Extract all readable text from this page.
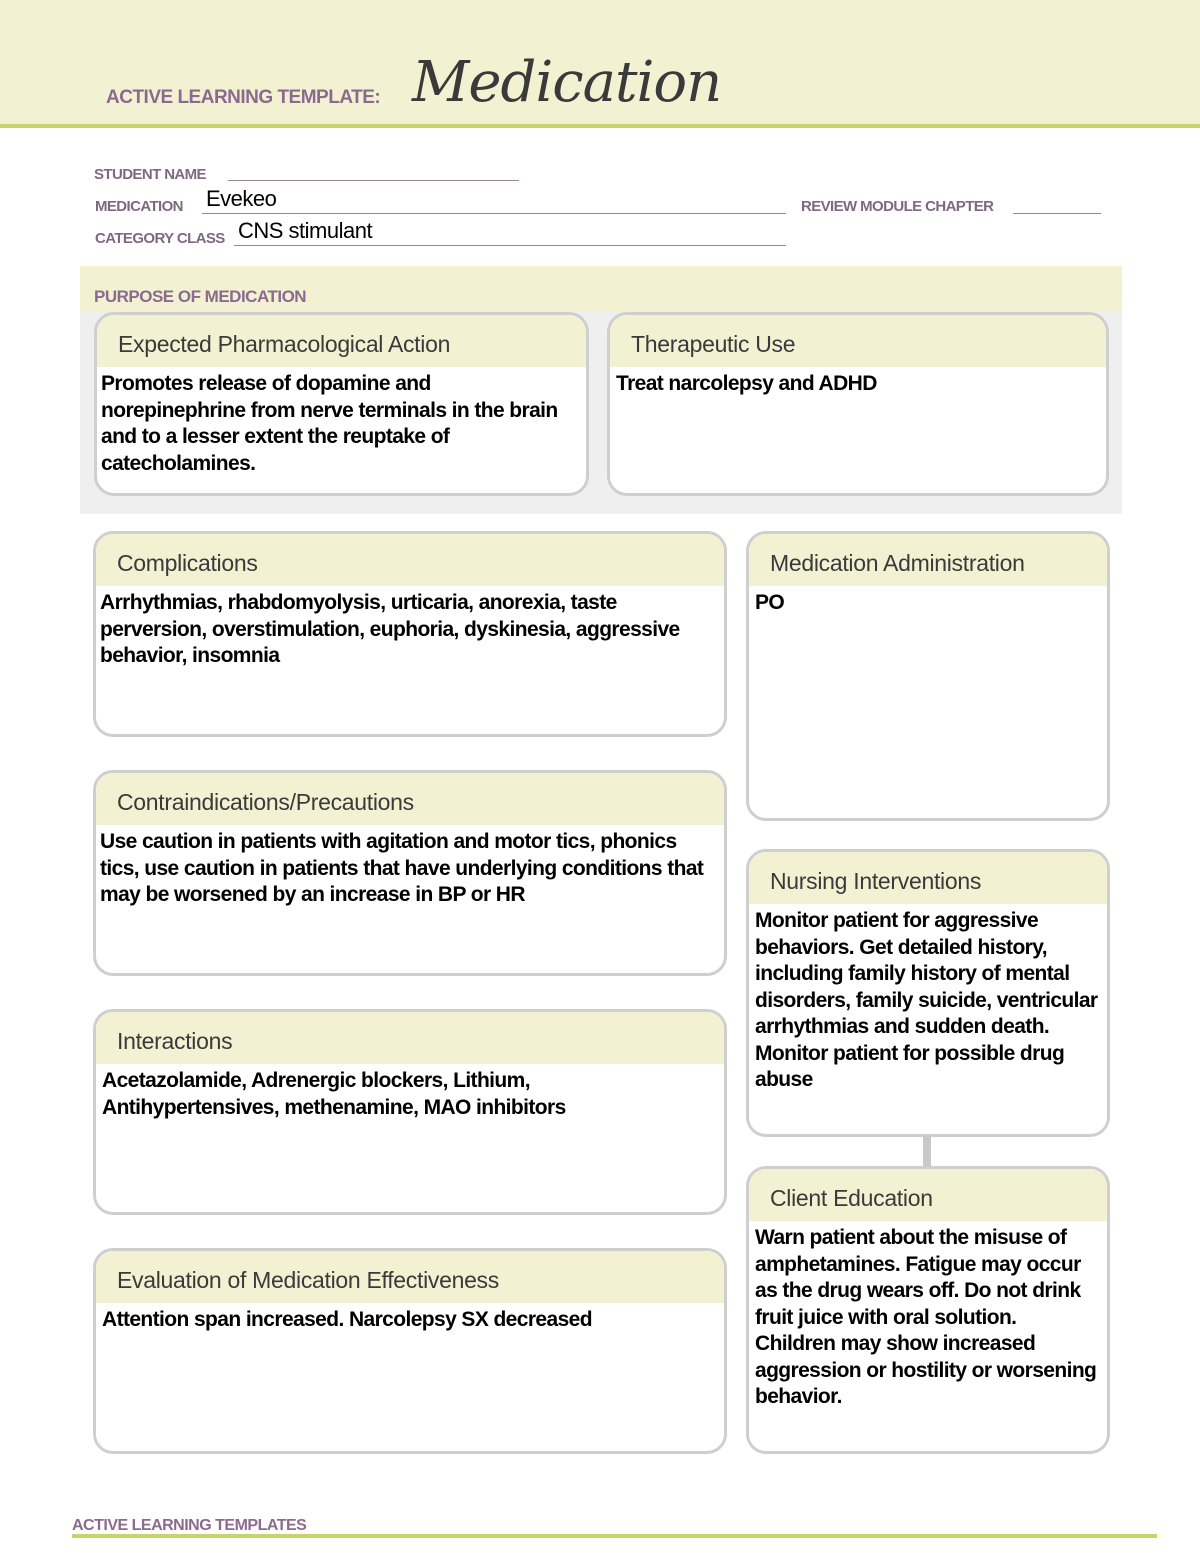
ACTIVE LEARNING TEMPLATE: Medication
STUDENT NAME
MEDICATION Evekeo	REVIEW MODULE CHAPTER
CATEGORY CLASS CNS stimulant
PURPOSE OF MEDICATION
Expected Pharmacological Action
Promotes release of dopamine and norepinephrine from nerve terminals in the brain and to a lesser extent the reuptake of catecholamines.
Therapeutic Use
Treat narcolepsy and ADHD
Complications
Arrhythmias, rhabdomyolysis, urticaria, anorexia, taste perversion, overstimulation, euphoria, dyskinesia, aggressive behavior, insomnia
Contraindications/Precautions
Use caution in patients with agitation and motor tics, phonics tics, use caution in patients that have underlying conditions that may be worsened by an increase in BP or HR
Interactions
Acetazolamide, Adrenergic blockers, Lithium, Antihypertensives, methenamine, MAO inhibitors
Evaluation of Medication Effectiveness
Attention span increased. Narcolepsy SX decreased
Medication Administration
PO
Nursing Interventions
Monitor patient for aggressive behaviors. Get detailed history, including family history of mental disorders, family suicide, ventricular arrhythmias and sudden death. Monitor patient for possible drug abuse
Client Education
Warn patient about the misuse of amphetamines. Fatigue may occur as the drug wears off. Do not drink fruit juice with oral solution. Children may show increased aggression or hostility or worsening behavior.
ACTIVE LEARNING TEMPLATES
